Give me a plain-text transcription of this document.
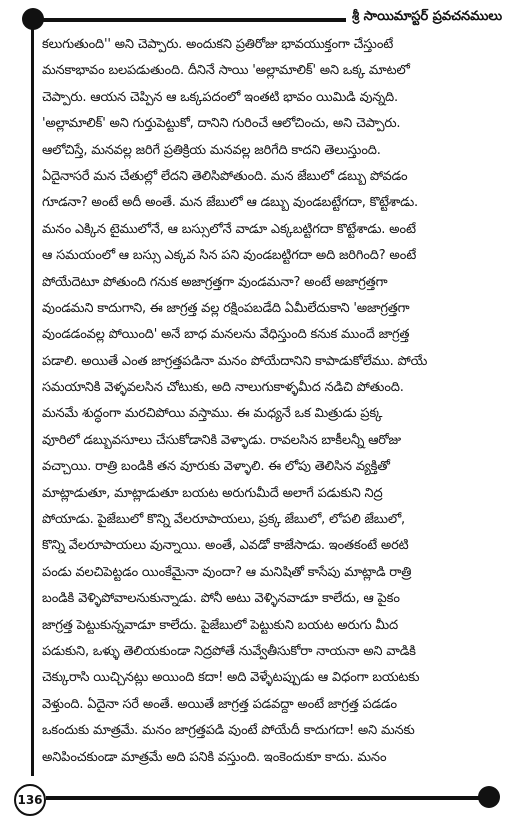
శ్రీ సాయిమాస్టర్ ప్రవచనములు
కలుగుతుంది'' అని చెప్పారు. అందుకని ప్రతిరోజు భావయుక్తంగా చేస్తుంటే
మనకాభావం బలపడుతుంది. దీనినే సాయి 'అల్లామాలిక్' అని ఒక్క మాటలో
చెప్పారు. ఆయన చెప్పిన ఆ ఒక్కపదంలో ఇంతటి భావం యిమిడి వున్నది.
'అల్లామాలిక్' అని గుర్తుపెట్టుకో, దానిని గురించే ఆలోచించు, అని చెప్పారు.
ఆలోచిస్తే, మనవల్ల జరిగే ప్రతిక్రియ మనవల్ల జరిగేది కాదని తెలుస్తుంది.
ఏదైనాసరే మన చేతుల్లో లేదని తెలిసిపోతుంది. మన జేబులో డబ్బు పోవడం
గూడనా? అంటే అదీ అంతే. మన జేబులో ఆ డబ్బు వుండబట్టేగదా, కొట్టేశాడు.
మనం ఎక్కిన టైములోనే, ఆ బస్సులోనే వాడూ ఎక్కబట్టిగదా కొట్టేశాడు. అంటే
ఆ సమయంలో ఆ బస్సు ఎక్కవ సిన పని వుండబట్టిగదా అది జరిగింది? అంటే
పోయేదెటూ పోతుంది గనుక అజాగ్రత్తగా వుండమనా? అంటే అజాగ్రత్తగా
వుండమని కాదుగాని, ఈ జాగ్రత్త వల్ల రక్షింపబడేది ఏమీలేదుకాని 'అజాగ్రత్తగా
వుండడంవల్ల పోయింది' అనే బాధ మనలను వేధిస్తుంది కనుక ముందే జాగ్రత్త
పడాలి. అయితే ఎంత జాగ్రత్తపడినా మనం పోయేదానిని కాపాడుకోలేము. పోయే
సమయానికి వెళ్ళవలసిన చోటుకు, అది నాలుగుకాళ్ళమీద నడిచి పోతుంది.
మనమే శుద్ధంగా మరచిపోయి వస్తాము. ఈ మధ్యనే ఒక మిత్రుడు ప్రక్క
వూరిలో డబ్బువసూలు చేసుకోడానికి వెళ్ళాడు. రావలసిన బాకీలన్నీ ఆరోజు
వచ్చాయి. రాత్రి బండికి తన వూరుకు వెళ్ళాలి. ఈ లోపు తెలిసిన వ్యక్తితో
మాట్లాడుతూ, మాట్లాడుతూ బయట అరుగుమీదే అలాగే పడుకుని నిద్ర
పోయాడు. పైజేబులో కొన్ని వేలరూపాయలు, ప్రక్క జేబులో, లోపలి జేబులో,
కొన్ని వేలరూపాయలు వున్నాయి. అంతే, ఎవడో కాజేసాడు. ఇంతకంటే అరటి
పండు వలచిపెట్టడం యింకేమైనా వుందా? ఆ మనిషితో కాసేపు మాట్లాడి రాత్రి
బండికి వెళ్ళిపోవాలనుకున్నాడు. పోనీ అటు వెళ్ళినవాడూ కాలేదు, ఆ పైకం
జాగ్రత్త పెట్టుకున్నవాడూ కాలేదు. పైజేబులో పెట్టుకుని బయట అరుగు మీద
పడుకుని, ఒళ్ళు తెలియకుండా నిద్రపోతే నువ్వేతీసుకోరా నాయనా అని వాడికి
చెక్కురాసి యిచ్చినట్లు అయింది కదా! అది వెళ్ళేటప్పుడు ఆ విధంగా బయటకు
వెళ్తుంది. ఏదైనా సరే అంతే. అయితే జాగ్రత్త పడవద్దా అంటే జాగ్రత్త పడడం
ఒకందుకు మాత్రమే. మనం జాగ్రత్తపడి వుంటే పోయేదీ కాదుగదా! అని మనకు
అనిపించకుండా మాత్రమే అది పనికి వస్తుంది. ఇంకెందుకూ కాదు. మనం
136
